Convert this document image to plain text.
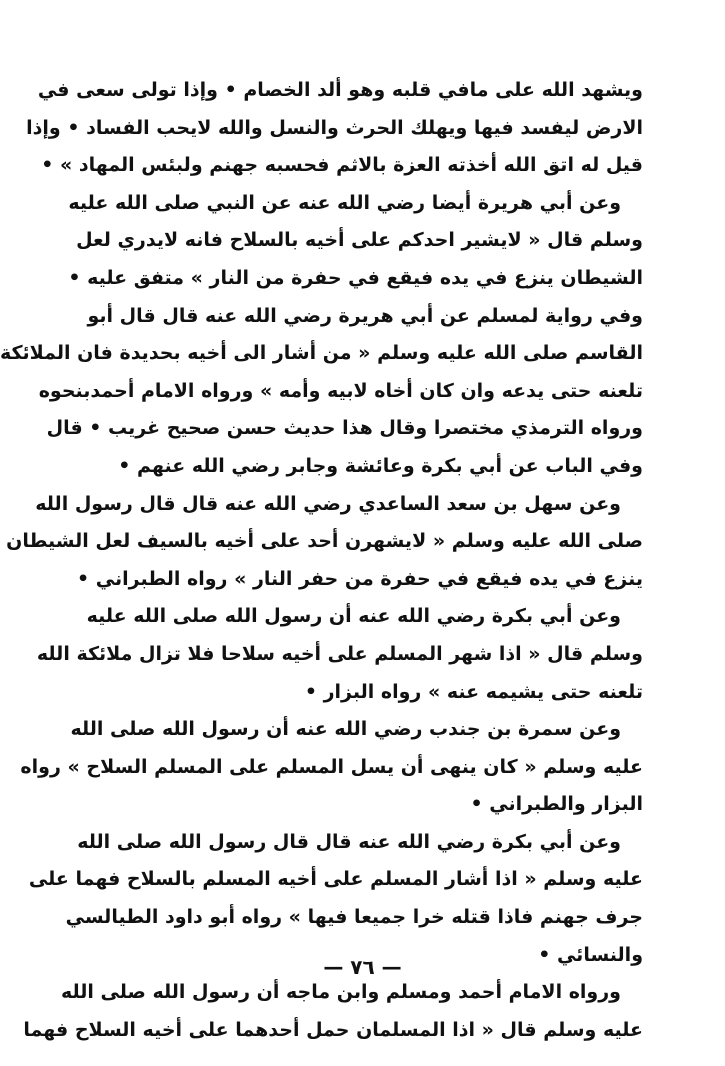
ويشهد الله على مافي قلبه وهو ألد الخصام • وإذا تولى سعى في
الارض ليفسد فيها ويهلك الحرث والنسل والله لايحب الفساد • وإذا
قيل له اتق الله أخذته العزة بالاثم فحسبه جهنم ولبئس المهاد » •
وعن أبي هريرة أيضا رضي الله عنه عن النبي صلى الله عليه
وسلم قال « لايشير احدكم على أخيه بالسلاح فانه لايدري لعل
الشيطان ينزع في يده فيقع في حفرة من النار » متفق عليه •
وفي رواية لمسلم عن أبي هريرة رضي الله عنه قال قال أبو
القاسم صلى الله عليه وسلم « من أشار الى أخيه بحديدة فان الملائكة
تلعنه حتى يدعه وان كان أخاه لابيه وأمه » ورواه الامام أحمدبنحوه
ورواه الترمذي مختصرا وقال هذا حديث حسن صحيح غريب • قال
وفي الباب عن أبي بكرة وعائشة وجابر رضي الله عنهم •
وعن سهل بن سعد الساعدي رضي الله عنه قال قال رسول الله
صلى الله عليه وسلم « لايشهرن أحد على أخيه بالسيف لعل الشيطان
ينزع في يده فيقع في حفرة من حفر النار » رواه الطبراني •
وعن أبي بكرة رضي الله عنه أن رسول الله صلى الله عليه
وسلم قال « اذا شهر المسلم على أخيه سلاحا فلا تزال ملائكة الله
تلعنه حتى يشيمه عنه » رواه البزار •
وعن سمرة بن جندب رضي الله عنه أن رسول الله صلى الله
عليه وسلم « كان ينهى أن يسل المسلم على المسلم السلاح » رواه
البزار والطبراني •
وعن أبي بكرة رضي الله عنه قال قال رسول الله صلى الله
عليه وسلم « اذا أشار المسلم على أخيه المسلم بالسلاح فهما على
جرف جهنم فاذا قتله خرا جميعا فيها » رواه أبو داود الطيالسي
والنسائي •
ورواه الامام أحمد ومسلم وابن ماجه أن رسول الله صلى الله
عليه وسلم قال « اذا المسلمان حمل أحدهما على أخيه السلاح فهما
— ٧٦ —
